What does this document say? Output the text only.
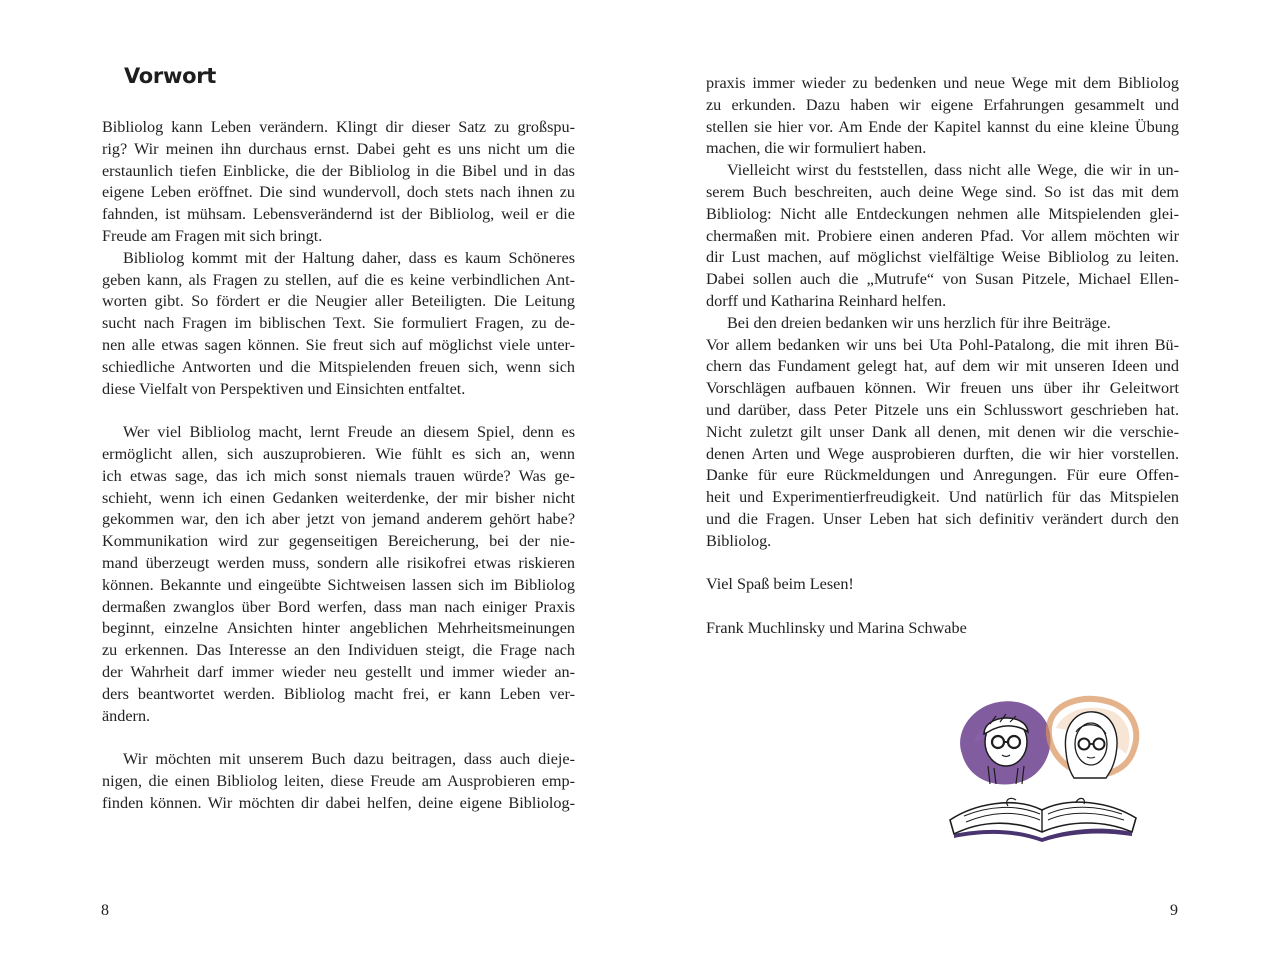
Vorwort

Bibliolog kann Leben verändern. Klingt dir dieser Satz zu großspu-

rig? Wir meinen ihn durchaus ernst. Dabei geht es uns nicht um die

erstaunlich tiefen Einblicke, die der Bibliolog in die Bibel und in das

eigene Leben eröffnet. Die sind wundervoll, doch stets nach ihnen zu

fahnden, ist mühsam. Lebensverändernd ist der Bibliolog, weil er die

Freude am Fragen mit sich bringt.

Bibliolog kommt mit der Haltung daher, dass es kaum Schöneres

geben kann, als Fragen zu stellen, auf die es keine verbindlichen Ant-

worten gibt. So fördert er die Neugier aller Beteiligten. Die Leitung

sucht nach Fragen im biblischen Text. Sie formuliert Fragen, zu de-

nen alle etwas sagen können. Sie freut sich auf möglichst viele unter-

schiedliche Antworten und die Mitspielenden freuen sich, wenn sich

diese Vielfalt von Perspektiven und Einsichten entfaltet.

Wer viel Bibliolog macht, lernt Freude an diesem Spiel, denn es

ermöglicht allen, sich auszuprobieren. Wie fühlt es sich an, wenn

ich etwas sage, das ich mich sonst niemals trauen würde? Was ge-

schieht, wenn ich einen Gedanken weiterdenke, der mir bisher nicht

gekommen war, den ich aber jetzt von jemand anderem gehört habe?

Kommunikation wird zur gegenseitigen Bereicherung, bei der nie-

mand überzeugt werden muss, sondern alle risikofrei etwas riskieren

können. Bekannte und eingeübte Sichtweisen lassen sich im Bibliolog

dermaßen zwanglos über Bord werfen, dass man nach einiger Praxis

beginnt, einzelne Ansichten hinter angeblichen Mehrheitsmeinungen

zu erkennen. Das Interesse an den Individuen steigt, die Frage nach

der Wahrheit darf immer wieder neu gestellt und immer wieder an-

ders beantwortet werden. Bibliolog macht frei, er kann Leben ver-

ändern.

Wir möchten mit unserem Buch dazu beitragen, dass auch dieje-

nigen, die einen Bibliolog leiten, diese Freude am Ausprobieren emp-

finden können. Wir möchten dir dabei helfen, deine eigene Bibliolog-

praxis immer wieder zu bedenken und neue Wege mit dem Bibliolog

zu erkunden. Dazu haben wir eigene Erfahrungen gesammelt und

stellen sie hier vor. Am Ende der Kapitel kannst du eine kleine Übung

machen, die wir formuliert haben.

Vielleicht wirst du feststellen, dass nicht alle Wege, die wir in un-

serem Buch beschreiten, auch deine Wege sind. So ist das mit dem

Bibliolog: Nicht alle Entdeckungen nehmen alle Mitspielenden glei-

chermaßen mit. Probiere einen anderen Pfad. Vor allem möchten wir

dir Lust machen, auf möglichst vielfältige Weise Bibliolog zu leiten.

Dabei sollen auch die „Mutrufe“ von Susan Pitzele, Michael Ellen-

dorff und Katharina Reinhard helfen.

Bei den dreien bedanken wir uns herzlich für ihre Beiträge.

Vor allem bedanken wir uns bei Uta Pohl-Patalong, die mit ihren Bü-

chern das Fundament gelegt hat, auf dem wir mit unseren Ideen und

Vorschlägen aufbauen können. Wir freuen uns über ihr Geleitwort

und darüber, dass Peter Pitzele uns ein Schlusswort geschrieben hat.

Nicht zuletzt gilt unser Dank all denen, mit denen wir die verschie-

denen Arten und Wege ausprobieren durften, die wir hier vorstellen.

Danke für eure Rückmeldungen und Anregungen. Für eure Offen-

heit und Experimentierfreudigkeit. Und natürlich für das Mitspielen

und die Fragen. Unser Leben hat sich definitiv verändert durch den

Bibliolog.

Viel Spaß beim Lesen!

Frank Muchlinsky und Marina Schwabe

8	9
